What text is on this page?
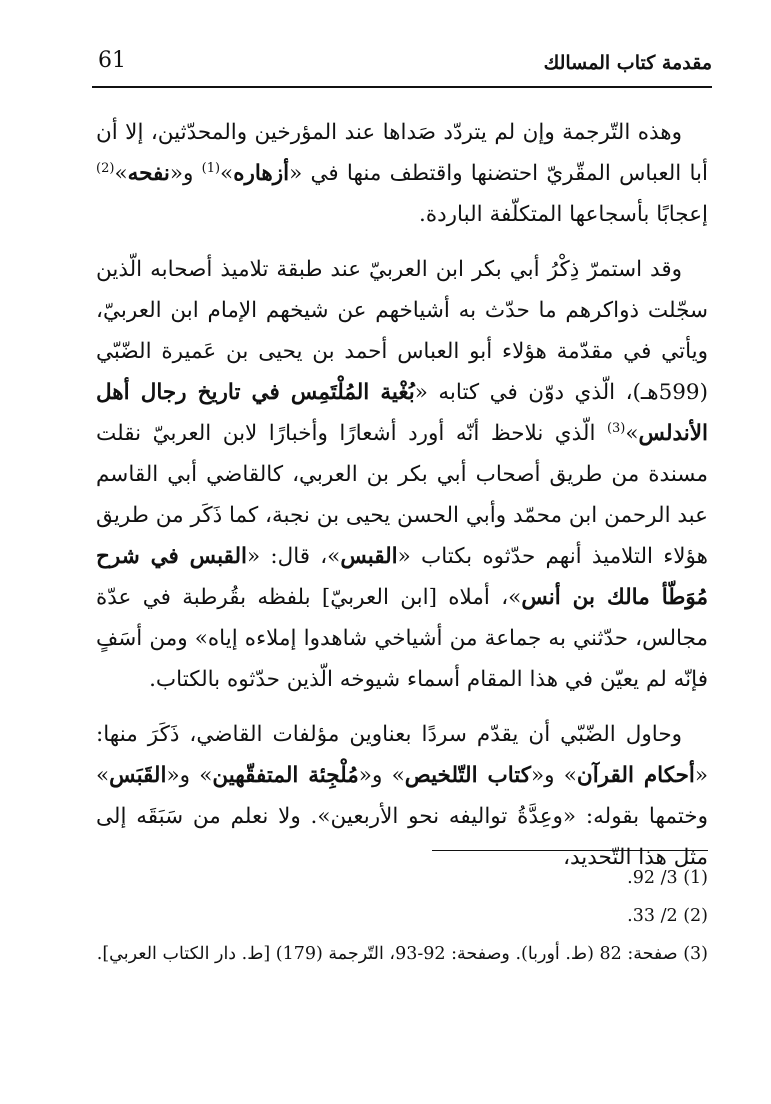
61	مقدمة كتاب المسالك

وهذه التّرجمة وإن لم يتردّد صَداها عند المؤرخين والمحدّثين، إلا أن أبا العباس المقّريّ احتضنها واقتطف منها في «أزهاره»$^{(1)}$ و«نفحه»$^{(2)}$ إعجابًا بأسجاعها المتكلّفة الباردة.

وقد استمرّ ذِكْرُ أبي بكر ابن العربيّ عند طبقة تلاميذ أصحابه الّذين سجّلت ذواكرهم ما حدّث به أشياخهم عن شيخهم الإمام ابن العربيّ، ويأتي في مقدّمة هؤلاء أبو العباس أحمد بن يحيى بن عَميرة الضّبّي (599هـ)، الّذي دوّن في كتابه «بُغْية المُلْتَمِس في تاريخ رجال أهل الأندلس»$^{(3)}$ الّذي نلاحظ أنّه أورد أشعارًا وأخبارًا لابن العربيّ نقلت مسندة من طريق أصحاب أبي بكر بن العربي، كالقاضي أبي القاسم عبد الرحمن ابن محمّد وأبي الحسن يحيى بن نجبة، كما ذَكَر من طريق هؤلاء التلاميذ أنهم حدّثوه بكتاب «القبس»، قال: «القبس في شرح مُوَطّأ مالك بن أنس»، أملاه [ابن العربيّ] بلفظه بقُرطبة في عدّة مجالس، حدّثني به جماعة من أشياخي شاهدوا إملاءه إياه» ومن أسَفٍ فإنّه لم يعيّن في هذا المقام أسماء شيوخه الّذين حدّثوه بالكتاب.

وحاول الضّبّي أن يقدّم سردًا بعناوين مؤلفات القاضي، ذَكَرَ منها: «أحكام القرآن» و«كتاب التّلخيص» و«مُلْجِئة المتفقّهين» و«القَبَس» وختمها بقوله: «وعِدَّةُ تواليفه نحو الأربعين». ولا نعلم من سَبَقَه إلى مثل هذا التّحديد،

(1) 3/ 92.

(2) 2/ 33.

(3) صفحة: 82 (ط. أوربا). وصفحة: 92-93، التّرجمة (179) [ط. دار الكتاب العربي].
